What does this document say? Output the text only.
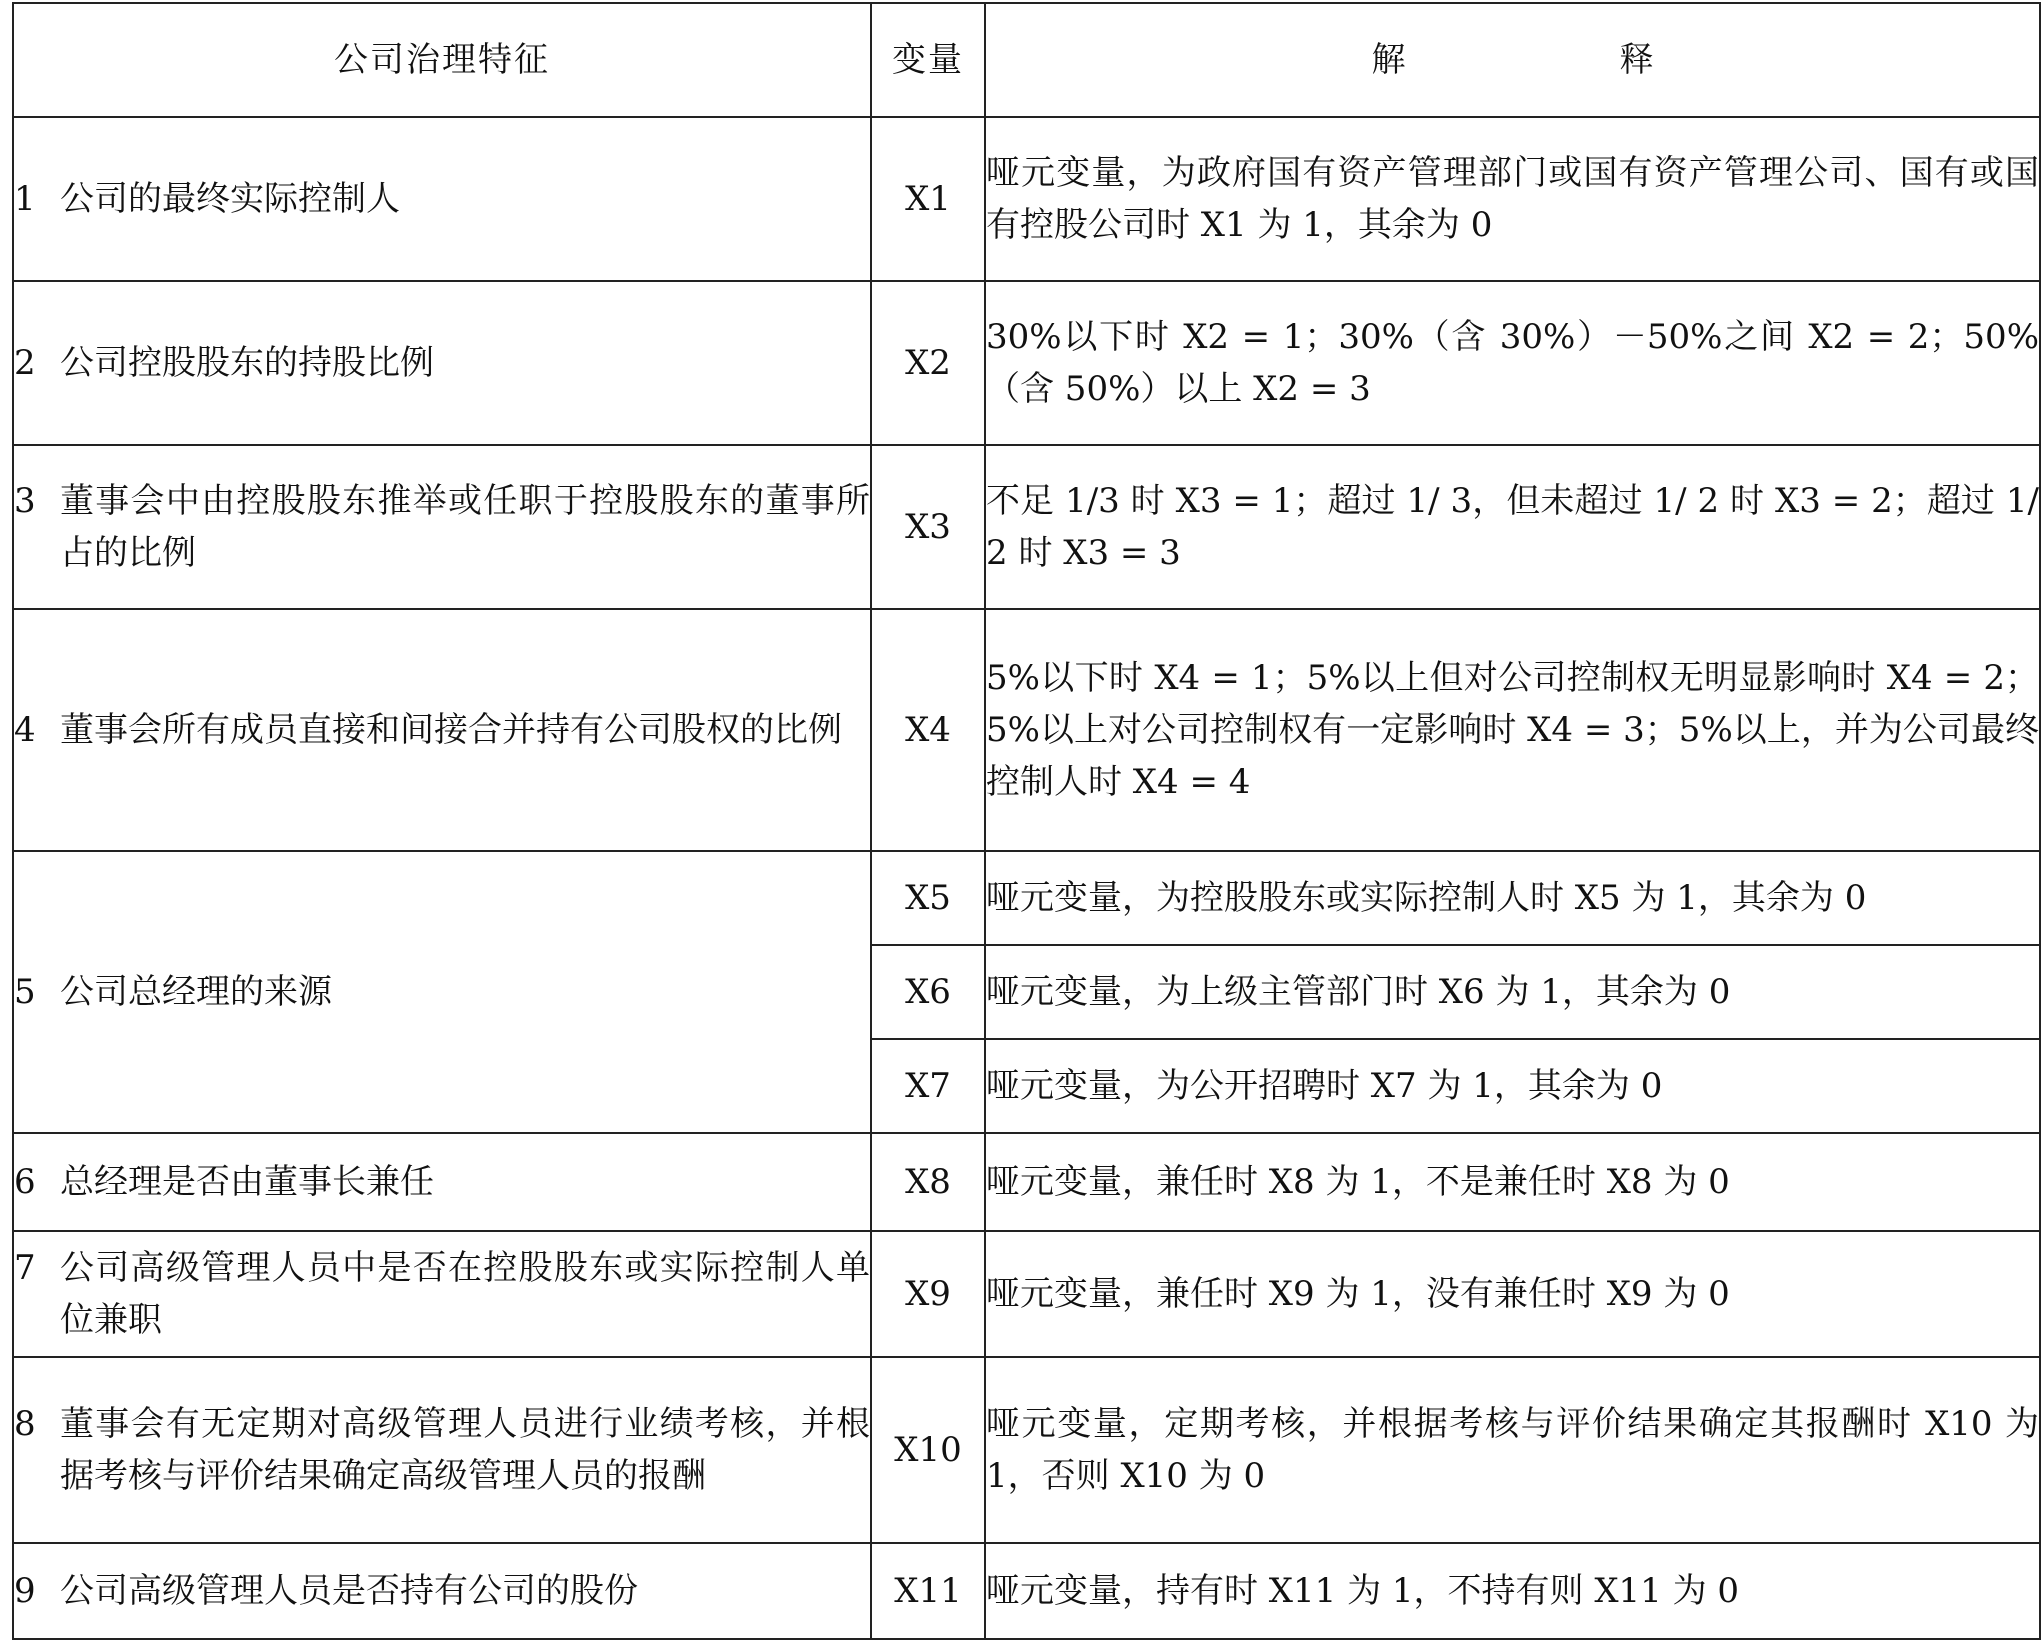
公司治理特征	变量	解　释

1 公司的最终实际控制人	X1	哑元变量，为政府国有资产管理部门或国有资产管理公司、国有或国有控股公司时 X1 为 1，其余为 0

2 公司控股股东的持股比例	X2	30%以下时 X2 = 1；30%（含 30%）－50%之间 X2 = 2；50%（含 50%）以上 X2 = 3

3 董事会中由控股股东推举或任职于控股股东的董事所占的比例	X3	不足 1/3 时 X3 = 1；超过 1/ 3，但未超过 1/ 2 时 X3 = 2；超过 1/ 2 时 X3 = 3

4 董事会所有成员直接和间接合并持有公司股权的比例	X4	5%以下时 X4 = 1；5%以上但对公司控制权无明显影响时 X4 = 2；5%以上对公司控制权有一定影响时 X4 = 3；5%以上，并为公司最终控制人时 X4 = 4

5 公司总经理的来源	X5	哑元变量，为控股股东或实际控制人时 X5 为 1，其余为 0
	X6	哑元变量，为上级主管部门时 X6 为 1，其余为 0
	X7	哑元变量，为公开招聘时 X7 为 1，其余为 0

6 总经理是否由董事长兼任	X8	哑元变量，兼任时 X8 为 1，不是兼任时 X8 为 0

7 公司高级管理人员中是否在控股股东或实际控制人单位兼职	X9	哑元变量，兼任时 X9 为 1，没有兼任时 X9 为 0

8 董事会有无定期对高级管理人员进行业绩考核，并根据考核与评价结果确定高级管理人员的报酬	X10	哑元变量，定期考核，并根据考核与评价结果确定其报酬时 X10 为 1，否则 X10 为 0

9 公司高级管理人员是否持有公司的股份	X11	哑元变量，持有时 X11 为 1，不持有则 X11 为 0
